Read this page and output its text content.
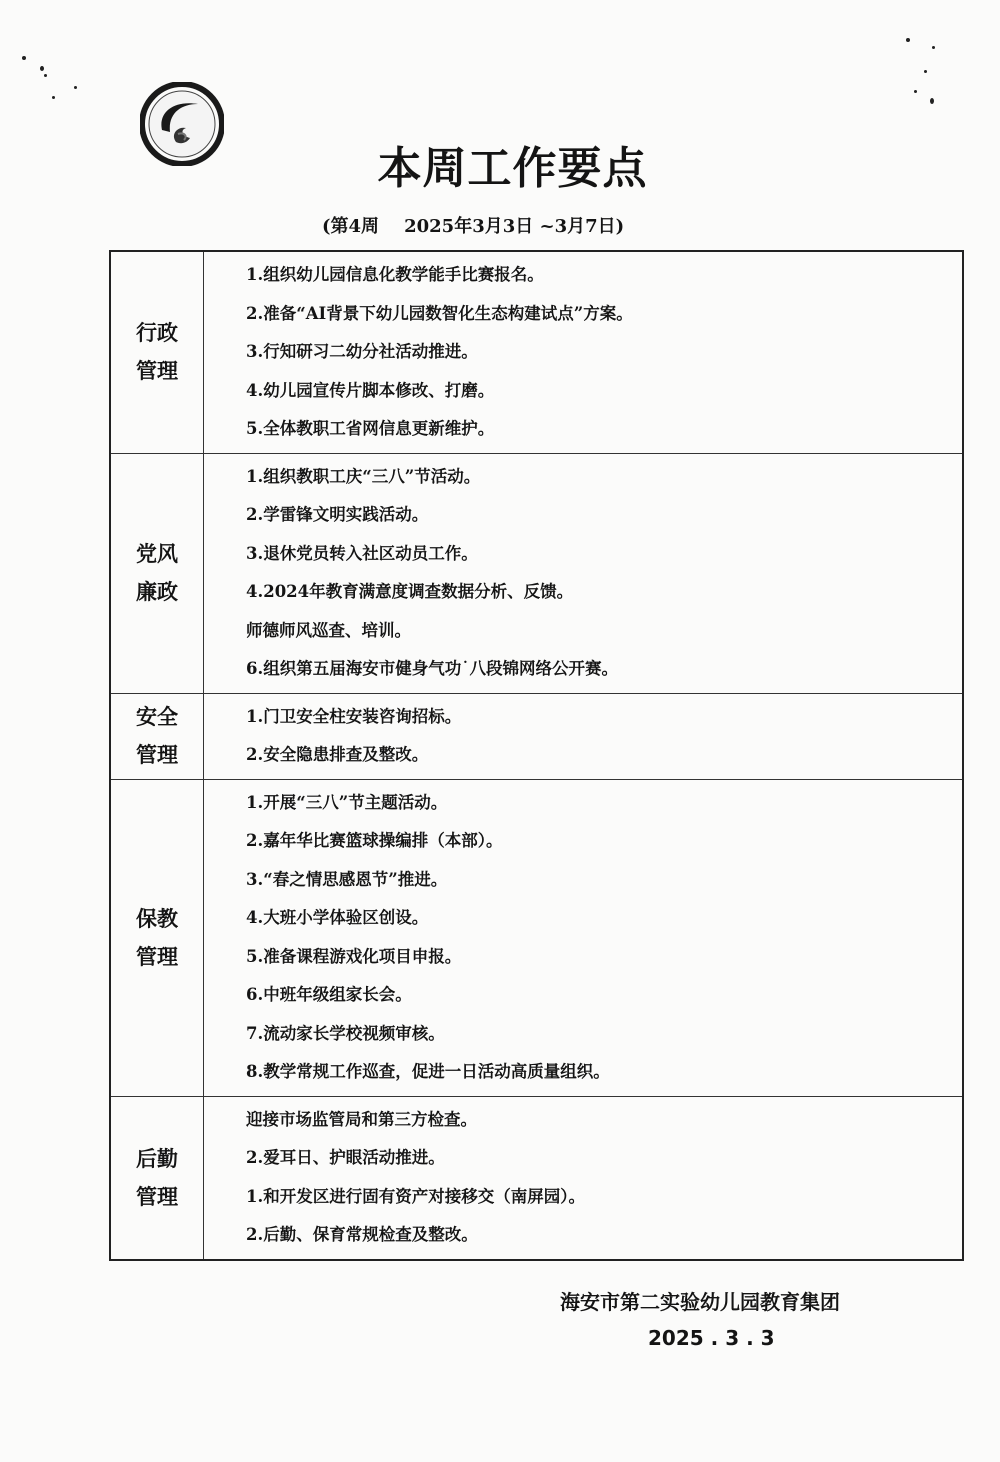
本周工作要点
(第4周    2025年3月3日 ~3月7日)
行政
管理

1.组织幼儿园信息化教学能手比赛报名。
2.准备“AI背景下幼儿园数智化生态构建试点”方案。
3.行知研习二幼分社活动推进。
4.幼儿园宣传片脚本修改、打磨。
5.全体教职工省网信息更新维护。

党风
廉政

1.组织教职工庆“三八”节活动。
2.学雷锋文明实践活动。
3.退休党员转入社区动员工作。
4.2024年教育满意度调查数据分析、反馈。
师德师风巡查、培训。
6.组织第五届海安市健身气功˙八段锦网络公开赛。

安全
管理

1.门卫安全柱安装咨询招标。
2.安全隐患排查及整改。

保教
管理

1.开展“三八”节主题活动。
2.嘉年华比赛篮球操编排（本部）。
3.“春之情思感恩节”推进。
4.大班小学体验区创设。
5.准备课程游戏化项目申报。
6.中班年级组家长会。
7.流动家长学校视频审核。
8.教学常规工作巡查，促进一日活动高质量组织。

后勤
管理

迎接市场监管局和第三方检查。
2.爱耳日、护眼活动推进。
1.和开发区进行固有资产对接移交（南屏园）。
2.后勤、保育常规检查及整改。
海安市第二实验幼儿园教育集团
2025 . 3 . 3
